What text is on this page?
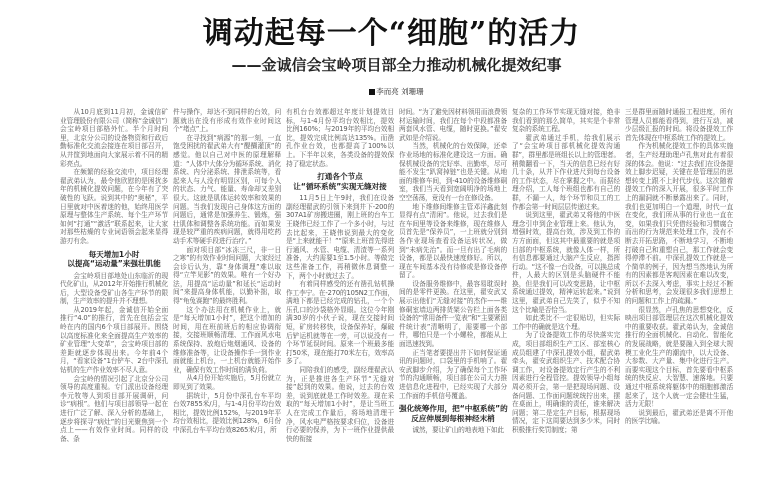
调动起每一个“细胞”的活力
——金诚信会宝岭项目部全力推动机械化提效纪事
李而亮 刘珊珊

从10月底到11月初，金诚信矿业管理股份有限公司（简称“金诚信”）会宝岭项目部格外忙。半个月时间里，北京分公司的设备物资和行政后勤标准化交流会接连在项目部召开，从井筐到地面向大家展示着不同的精彩亮点。

在频繁的经验交流中，项目经理翟武弟认为，最令他欣慰的是困扰多年的机械化提效问题，在今年有了突破性的飞跃。说到其中的“奥秘”，平日里就对中医着迷的他，始终用医学原理与整体生产系统、每个生产环节如何“打通”“激活”联系起来，让大家对那些枯燥的专业词语领会起来显得游刃有余。

每天增加1小时
以提高“运动量”来强壮肌能

会宝岭项目部地处山东临沂的现代化矿山，从2012年开始推行机械化后，大型设备受矿山各生产环节的限制，生产效率的提升并不理想。

从2019年起，金诚信开始全面推行“4.0”的推行，首先在包括会宝岭在内的国内6个项目部展开。围绕以高度标准化来全面提高生产效率的矿业管理“大变革”，会宝岭项目部的差距就逐步体现出来。今年前4个月，“看家设备”1台铲车、2台中深孔钻机的生产作业效率不尽人意。

会宝岭的情况引起了北京分公司领导的高度重视。专门派出设备经理李元牧等人到项目部开展调研，问诊“病根”。他们与项目部领导一起在进行广泛了解、深入分析的基础上，逐步将探寻“病灶”的目光聚焦到一个点上——有效作业时间。同样的设备、条

件与操作，却达不到同样的台效，问题就出在没有形成有效作业时间这个“堵点”上。

在寻找到“病源”的那一刻，一直饱受困扰的翟武弟大有“醍醐灌顶”的感觉。他以自己对中医的原理解释道：“人体中大体分为循环系统、消化系统、内分泌系统、排泄系统等，看起来人与人没有明显区别，可每个人的状态、力气、能量、寿命却又差别很大。这就是肌体运转效率和效果的问题。当我们发现自己身体这方面的问题后，通常是加强养生、锻炼，强壮肌体和调整各系统功能。而如果发现是较严重的疾病问题，就得用吃药动手术等硬手段进行治疗。”

面对项目部“冰冻三尺，非一日之寒”的有效作业时间问题，大家经过会诊后认为，靠“身体调理”难以取得“立竿见影”的效果。唯有一个好办法，用提高“运动量”和延长“运动时间”来提高身体机能，以勤补拙，取得“龟兔赛跑”的最终胜利。

这个办法用在机械作业上，就是“每天增加1小时”，把这个增加的时间，用在班前班后的相应协调衔接，交接班顺畅清理、工作面风水电系统保持、放炮后炮烟通风、设备的维修准备等，让设备操作手一到作业面就能上机台，一上机台就能开始作业，确保有效工作时间的满负荷。

从4月份开始实施后，5月份就立即见到了效果。

据统计，5月份中深孔台车平均台效7855米/月，与1-4月份平均台效相比，提效比例152%，与2019年平均台效相比，提效比例128%，6月份中深孔台车平均台效8265米/月，所

有机台台效都超过年度计划提效目标，与1-4月份平均台效相比，提效比例160%；与2019年的平均台效相比，提效完成比例高达135%。而凿孔作业台效，也都提高了100%以上。下半年以来，各类设备的提效保持了稳定状态。

打通各个节点
让“循环系统”实现无缝对接

11月5日上午9时，我们在设备副经理翟武的引领下来到井下-200的307A1矿房搬进圈，刚上班的台车工王晓伟已经工作了一个多小时，与过去比起来，王晓伟说到最大的变化是“上来就能干！”“原来上班首先得进行通风、水管、电缆、清渣等一系列准备，大约需要1至1.5小时。等做完这些准备工作，再稍微休息调整一下，两个小时就过去了。

有着同样感受的还有凿孔钻机操作工李宁。在-270的105N2工作面，满地下都是已经完成的钻孔，一个个压孔口的沙袋格外显眼。这位今年刚满30岁的小伙子说，现在交接时间短，矿房转移快，设备保养好，爆破后铲运机就等在一旁，可以说没有一个环节延误时间。原来一个班最多能打50米，现在能打70米左右，效率高多了。

同陪我们的感受，副经理翟武认为，正是推进各生产环节“无缝对接”起到的效果。他说，过去的台效差，说到底就是工作时效差。现在采取的“每天增加1小时”，是让当班工人在完成工作量后，将场地清理干净，风水电严格按要求归位，设备进行必要的保养，为下一班作业提供最快的衔接

时间。“为了避免因材料领用而浪费领材运输时间，我们在每个中段都准备两套风水管、电缆，随时更换。”翟安武如是介绍说。

当然，机械化的台效保障，还牵作业场地的标准化建设这一方面。确保机械设备的完好率、出勤率，尽可能不发生“趴窝掉链”也是关键。从地面的维修车间，到-410的设备维修硐室，我们当天看到宽阔明净的场地上空空荡荡，竟没有一台在修设备。

地下维修间维修主管邓洋鑫此刻显得有点“清闲”。他说，过去我们是在车间里等设备来维修，现在维修人员首先是“保养员”，一上班就分别到各作业现场查看设备运转状况，做到“未病先治”。而一旦有出了毛病的设备，都是以最快速度修好。所以，现在车间基本没有待修或是修设备停留了。

设备服务维修中，最容易耽误时间的是零件更换。在这里，翟安武又展示出他们“无缝对接”的杰作——维修硐室墙边两排货架公告栏上面各类设备的“常用备件一览表”和“主要紧固件统计表”清晰明了，需要哪一个部件，哪怕只是一个小螺栓，都能从上面迅速找到。

正当笔者要提出井下如何保证通讯的问题时，口袋里的手机响了。翟安武脚步介绍，为了确保每个工作环节的沟通顺畅，项目部在公司大力推进信息化进程中，已经实现了大部分工作面的手机信号覆盖。

强化统筹作用，把“中枢系统”的
反应伸展到每根神经末梢

诚然，要让矿山的地表地下如此

复杂的工作环节实现无缝对接，绝非我们看到的那么简单，其实是个非常复杂的系统工程。

翟武弟通过手机，给我们展示了“会宝岭项目部机械化提效沟通群”，群里都是班组长以上的管理者。稍微翻看一下，当天的信息已经有好几十条，从井下作业进尺到每台设备的工作状态，尽在掌握之中。而据经理介绍，工人每个班组也都有自己的群，不漏一人，每个环节和员工的工作都会第一时间层层传递过来。

说到这里，翟武弟又将他的中医理念引申到企业管理上来。他认为，增强时效，提高台效，涉及到工作的方方面面，但这其中最重要的就是项目部的中枢系统，就像人体一样，所有信息都要通过大脑产生反应，指挥行动。“这不像一台设备，可以换总成件，人最大的区别是头脑硬件不能换，但是我们可以改变思路，让中枢系统通过提效，精神运转起来。”说到这里，翟武弟自己先笑了，似乎不知这个比喻是否恰当。

如此类比不一定很贴切，但实际工作中的确就是这个理。

为了设备提效工作的尽快落实完成，项目部组织生产工区、部室核心成员组建了中深孔提效小组，翟武弟牵头，翟安武组织生产、技术配合协调工作，对设备提效定行产生的不利因素进行全程管控。提效领导小组每周必须开会，第一是把现场问题、设备问题、工作面问题统统拧出来，摆在桌面上，明确谁的责任，谁来解决问题；第二是定生产目标，根据现场情况，定下这周要达到多少米，同时积极推行奖罚制度；第

三是群里面随时通报工程进度，所有管理人员都能看得到，进行互动，减少层级汇报的时间。将设备提效工作首先体现在中枢系统工作的提效上。

作为机械化提效工作的具体实施者，生产经理助理卢孔焦对此有着很深的体会。他说：“过去我们在设备提效上脚步迟疑，关键在是管理层的思想转变上跟不上时代步伐。这次随着提效工作的深入开展，很多平时工作上的漏洞就不断暴露出来了。同时，我们也更加明白一个道理，时代一直在变化，我们所从事的行业也一直在变，如果我们只凭借经验和习惯腐合而出的行为规范来处理工作，没有不断去开拓思路，不断地学习，不断地打破自己和重塑自己，那工作就会变得停滞不前。中深孔提效工作就是一个简单的例子，因为想当然地认为所有的因素都是客观因素在难以改变，所以不去深入考虑，事实上经过不断分析和思考，会发现很多我们思想上的问题和工作上的疏漏。”

很显然，卢孔焦的思想变化，反映出项目部管理层在这次机械化提效中的重要收获。翟武弟认为，金诚信推行的全面机械化、自动化、智能化的发展战略，就是要融入到全球大规模工业化生产的潮流中，以大设备、大参数、大产量、集中化进行生产。而要实现这个目标，首先要看中枢系统的快反应、大智慧、速落地。只要通过中枢系统将躯体中的细胞都激活起来了，这个人就一定会健壮生猛，活力无限！

说到最后，翟武弟还是离不开他的医学比喻。
